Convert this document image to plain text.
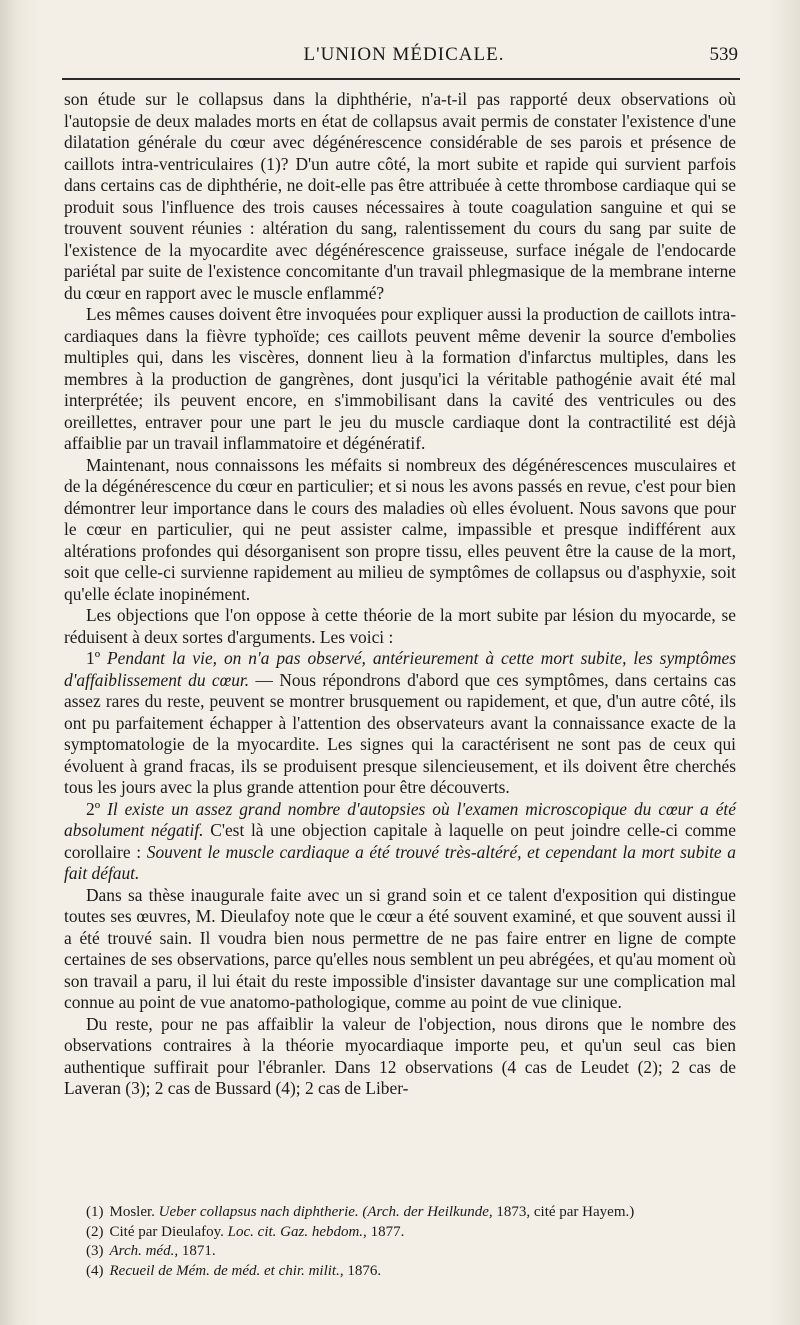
L'UNION MÉDICALE.	539

son étude sur le collapsus dans la diphthérie, n'a-t-il pas rapporté deux observations où l'autopsie de deux malades morts en état de collapsus avait permis de constater l'existence d'une dilatation générale du cœur avec dégénérescence considérable de ses parois et présence de caillots intra-ventriculaires (1)? D'un autre côté, la mort subite et rapide qui survient parfois dans certains cas de diphthérie, ne doit-elle pas être attribuée à cette thrombose cardiaque qui se produit sous l'influence des trois causes nécessaires à toute coagulation sanguine et qui se trouvent souvent réunies : altération du sang, ralentissement du cours du sang par suite de l'existence de la myocardite avec dégénérescence graisseuse, surface inégale de l'endocarde pariétal par suite de l'existence concomitante d'un travail phlegmasique de la membrane interne du cœur en rapport avec le muscle enflammé?

Les mêmes causes doivent être invoquées pour expliquer aussi la production de caillots intra-cardiaques dans la fièvre typhoïde; ces caillots peuvent même devenir la source d'embolies multiples qui, dans les viscères, donnent lieu à la formation d'infarctus multiples, dans les membres à la production de gangrènes, dont jusqu'ici la véritable pathogénie avait été mal interprétée; ils peuvent encore, en s'immobilisant dans la cavité des ventricules ou des oreillettes, entraver pour une part le jeu du muscle cardiaque dont la contractilité est déjà affaiblie par un travail inflammatoire et dégénératif.

Maintenant, nous connaissons les méfaits si nombreux des dégénérescences musculaires et de la dégénérescence du cœur en particulier; et si nous les avons passés en revue, c'est pour bien démontrer leur importance dans le cours des maladies où elles évoluent. Nous savons que pour le cœur en particulier, qui ne peut assister calme, impassible et presque indifférent aux altérations profondes qui désorganisent son propre tissu, elles peuvent être la cause de la mort, soit que celle-ci survienne rapidement au milieu de symptômes de collapsus ou d'asphyxie, soit qu'elle éclate inopinément.

Les objections que l'on oppose à cette théorie de la mort subite par lésion du myocarde, se réduisent à deux sortes d'arguments. Les voici :

1º Pendant la vie, on n'a pas observé, antérieurement à cette mort subite, les symptômes d'affaiblissement du cœur. — Nous répondrons d'abord que ces symptômes, dans certains cas assez rares du reste, peuvent se montrer brusquement ou rapidement, et que, d'un autre côté, ils ont pu parfaitement échapper à l'attention des observateurs avant la connaissance exacte de la symptomatologie de la myocardite. Les signes qui la caractérisent ne sont pas de ceux qui évoluent à grand fracas, ils se produisent presque silencieusement, et ils doivent être cherchés tous les jours avec la plus grande attention pour être découverts.

2º Il existe un assez grand nombre d'autopsies où l'examen microscopique du cœur a été absolument négatif. C'est là une objection capitale à laquelle on peut joindre celle-ci comme corollaire : Souvent le muscle cardiaque a été trouvé très-altéré, et cependant la mort subite a fait défaut.

Dans sa thèse inaugurale faite avec un si grand soin et ce talent d'exposition qui distingue toutes ses œuvres, M. Dieulafoy note que le cœur a été souvent examiné, et que souvent aussi il a été trouvé sain. Il voudra bien nous permettre de ne pas faire entrer en ligne de compte certaines de ses observations, parce qu'elles nous semblent un peu abrégées, et qu'au moment où son travail a paru, il lui était du reste impossible d'insister davantage sur une complication mal connue au point de vue anatomo-pathologique, comme au point de vue clinique.

Du reste, pour ne pas affaiblir la valeur de l'objection, nous dirons que le nombre des observations contraires à la théorie myocardiaque importe peu, et qu'un seul cas bien authentique suffirait pour l'ébranler. Dans 12 observations (4 cas de Leudet (2); 2 cas de Laveran (3); 2 cas de Bussard (4); 2 cas de Liber-

(1) Mosler. Ueber collapsus nach diphtherie. (Arch. der Heilkunde, 1873, cité par Hayem.)
(2) Cité par Dieulafoy. Loc. cit. Gaz. hebdom., 1877.
(3) Arch. méd., 1871.
(4) Recueil de Mém. de méd. et chir. milit., 1876.
